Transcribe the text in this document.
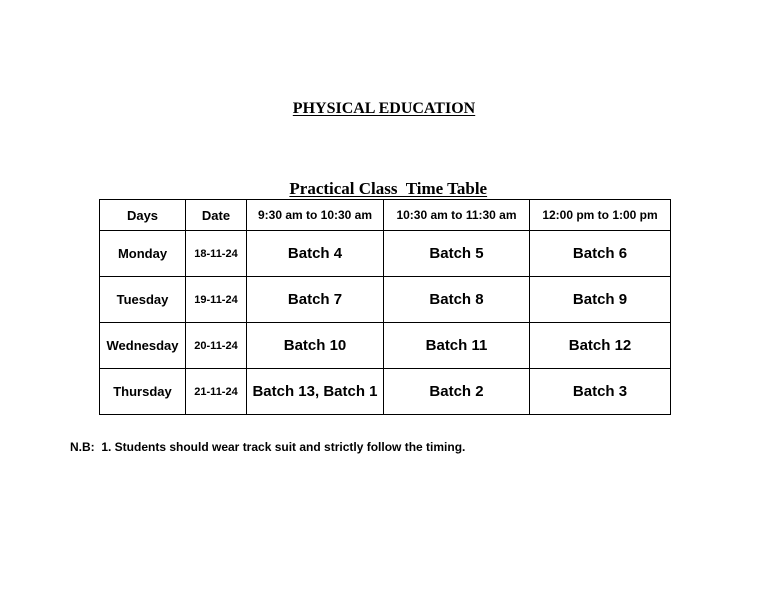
PHYSICAL EDUCATION

Practical Class  Time Table

Days	Date	9:30 am to 10:30 am	10:30 am to 11:30 am	12:00 pm to 1:00 pm
Monday	18-11-24	Batch 4	Batch 5	Batch 6
Tuesday	19-11-24	Batch 7	Batch 8	Batch 9
Wednesday	20-11-24	Batch 10	Batch 11	Batch 12
Thursday	21-11-24	Batch 13, Batch 1	Batch 2	Batch 3
N.B:  1. Students should wear track suit and strictly follow the timing.
